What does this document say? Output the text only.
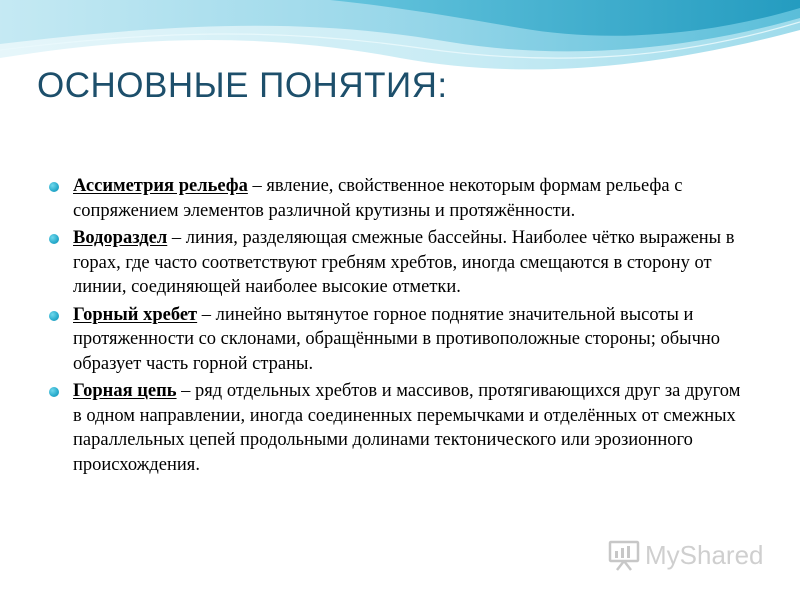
ОСНОВНЫЕ ПОНЯТИЯ:
Ассиметрия рельефа – явление, свойственное некоторым формам рельефа с сопряжением элементов различной крутизны и протяжённости.
Водораздел – линия, разделяющая смежные бассейны. Наиболее чётко выражены в горах, где часто соответствуют гребням хребтов, иногда смещаются в сторону от линии, соединяющей наиболее высокие отметки.
Горный хребет – линейно вытянутое горное поднятие значительной высоты и протяженности со склонами, обращёнными в противоположные стороны; обычно образует часть горной страны.
Горная цепь – ряд отдельных хребтов и массивов, протягивающихся друг за другом в одном направлении, иногда соединенных перемычками и отделённых от смежных параллельных цепей продольными долинами тектонического или эрозионного происхождения.
MyShared
